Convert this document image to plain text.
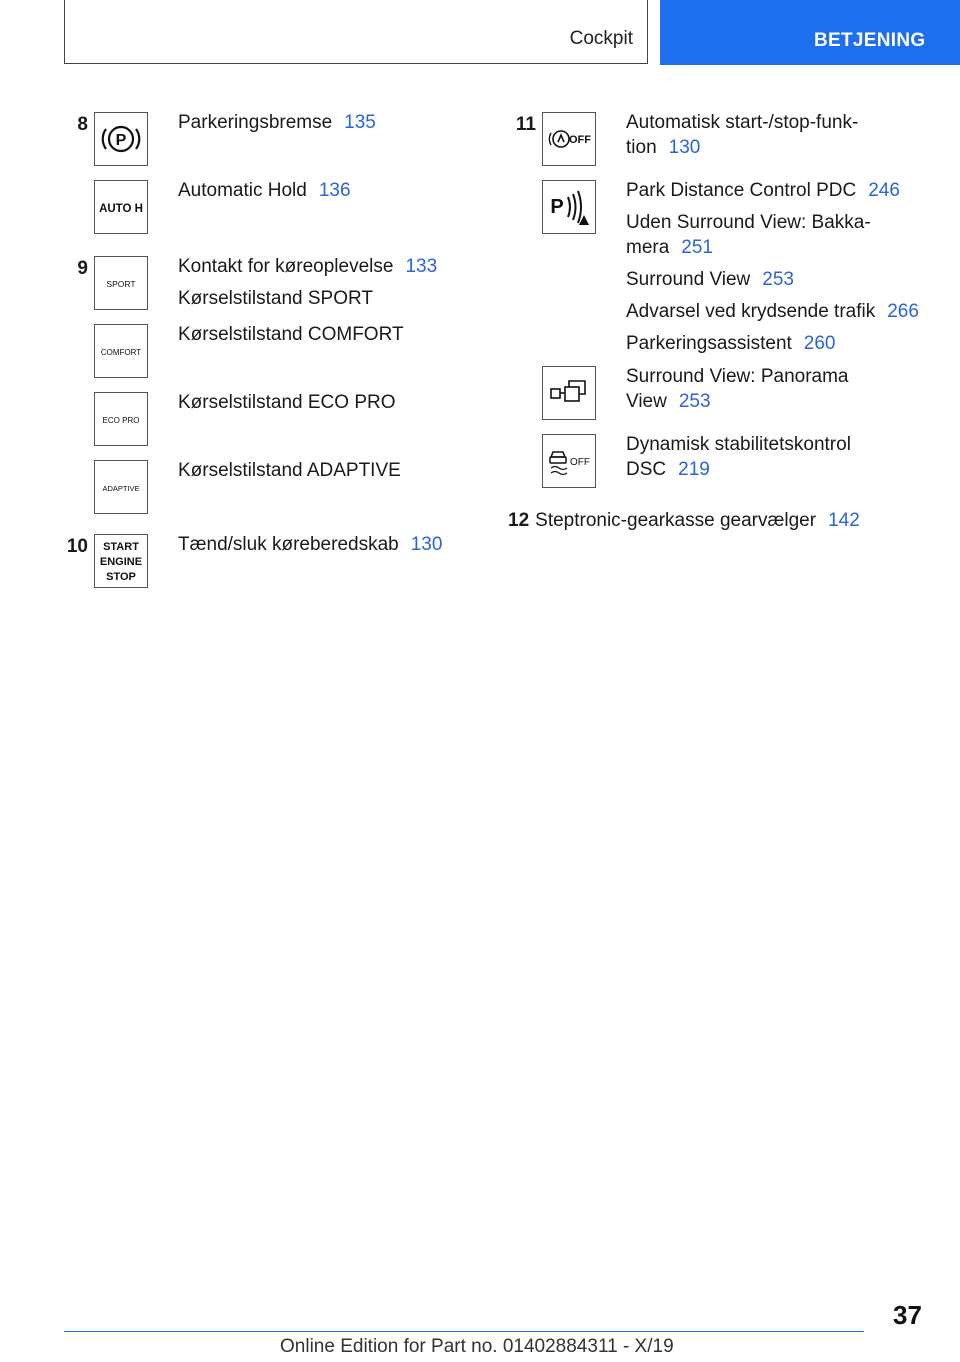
Cockpit	BETJENING
8
P
Parkeringsbremse 135
AUTO H
Automatic Hold 136
9
SPORT
Kontakt for køreoplevelse 133
Kørselstilstand SPORT
COMFORT
Kørselstilstand COMFORT
ECO PRO
Kørselstilstand ECO PRO
ADAPTIVE
Kørselstilstand ADAPTIVE
10 START
ENGINE
STOP
Tænd/sluk køreberedskab 130
11
OFF
Automatisk start-/stop-funk-tion 130
P
Park Distance Control PDC 246
Uden Surround View: Bakka-mera 251
Surround View 253
Advarsel ved krydsende trafik 266
Parkeringsassistent 260
Surround View: Panorama View 253
OFF
Dynamisk stabilitetskontrol DSC 219
12 Steptronic-gearkasse gearvælger 142
37
Online Edition for Part no. 01402884311 - X/19
